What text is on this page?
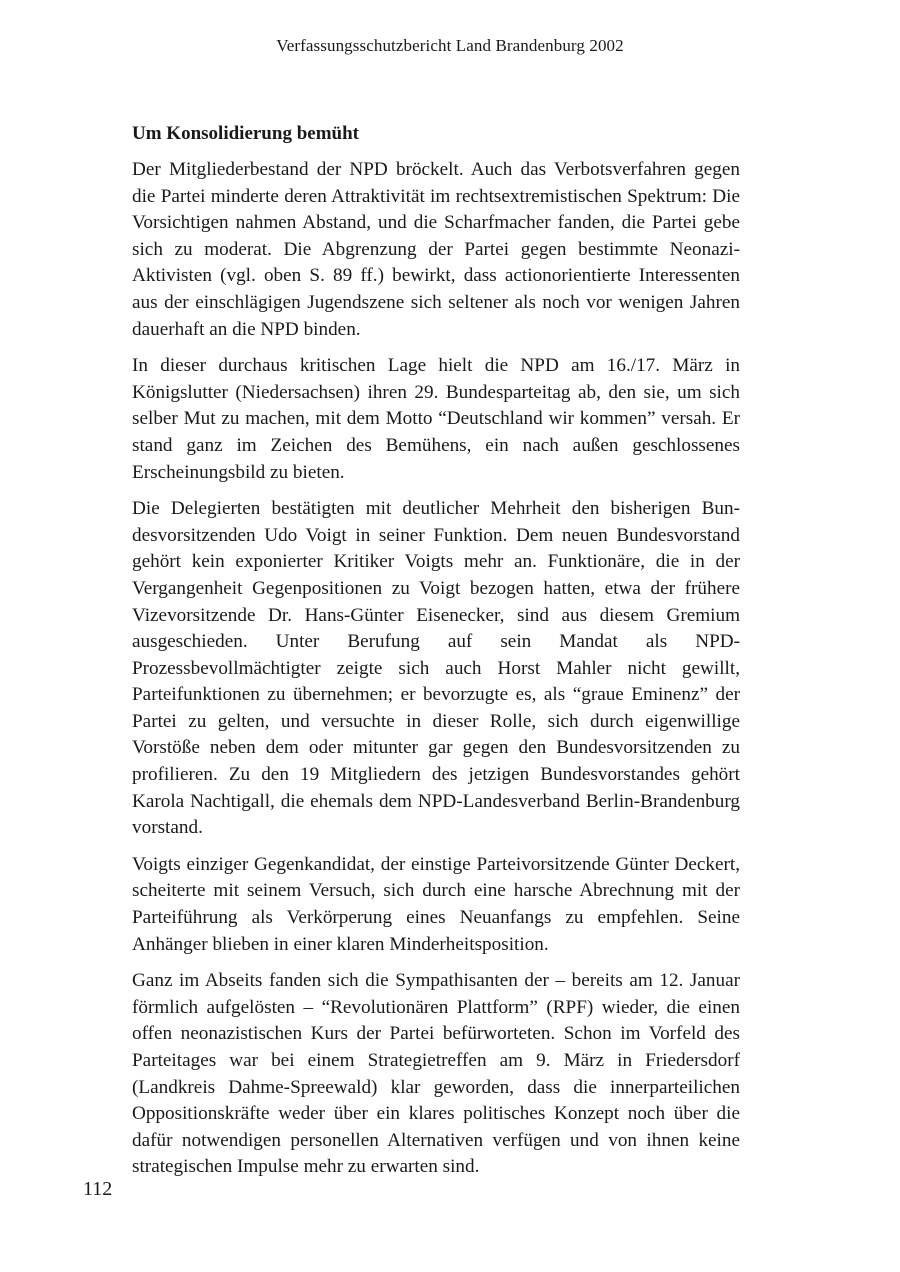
Verfassungsschutzbericht Land Brandenburg 2002
Um Konsolidierung bemüht

Der Mitgliederbestand der NPD bröckelt. Auch das Verbotsverfahren gegen die Partei minderte deren Attraktivität im rechtsextremistischen Spektrum: Die Vorsichtigen nahmen Abstand, und die Scharfmacher fanden, die Partei gebe sich zu moderat. Die Abgrenzung der Partei gegen bestimmte Neonazi-Aktivisten (vgl. oben S. 89 ff.) bewirkt, dass actionorientierte Interessenten aus der einschlägigen Jugendszene sich seltener als noch vor wenigen Jahren dauerhaft an die NPD binden.

In dieser durchaus kritischen Lage hielt die NPD am 16./17. März in Königslutter (Niedersachsen) ihren 29. Bundesparteitag ab, den sie, um sich selber Mut zu machen, mit dem Motto “Deutschland wir kommen” versah. Er stand ganz im Zeichen des Bemühens, ein nach außen geschlossenes Erscheinungsbild zu bieten.

Die Delegierten bestätigten mit deutlicher Mehrheit den bisherigen Bundesvorsitzenden Udo Voigt in seiner Funktion. Dem neuen Bundesvorstand gehört kein exponierter Kritiker Voigts mehr an. Funktionäre, die in der Vergangenheit Gegenpositionen zu Voigt bezogen hatten, etwa der frühere Vizevorsitzende Dr. Hans-Günter Eisenecker, sind aus diesem Gremium ausgeschieden. Unter Berufung auf sein Mandat als NPD-Prozessbevollmächtigter zeigte sich auch Horst Mahler nicht gewillt, Parteifunktionen zu übernehmen; er bevorzugte es, als “graue Eminenz” der Partei zu gelten, und versuchte in dieser Rolle, sich durch eigenwillige Vorstöße neben dem oder mitunter gar gegen den Bundesvorsitzenden zu profilieren. Zu den 19 Mitgliedern des jetzigen Bundesvorstandes gehört Karola Nachtigall, die ehemals dem NPD-Landesverband Berlin-Brandenburg vorstand.

Voigts einziger Gegenkandidat, der einstige Parteivorsitzende Günter Deckert, scheiterte mit seinem Versuch, sich durch eine harsche Abrechnung mit der Parteiführung als Verkörperung eines Neuanfangs zu empfehlen. Seine Anhänger blieben in einer klaren Minderheitsposition.

Ganz im Abseits fanden sich die Sympathisanten der – bereits am 12. Januar förmlich aufgelösten – “Revolutionären Plattform” (RPF) wieder, die einen offen neonazistischen Kurs der Partei befürworteten. Schon im Vorfeld des Parteitages war bei einem Strategietreffen am 9. März in Friedersdorf (Landkreis Dahme-Spreewald) klar geworden, dass die innerparteilichen Oppositionskräfte weder über ein klares politisches Konzept noch über die dafür notwendigen personellen Alternativen verfügen und von ihnen keine strategischen Impulse mehr zu erwarten sind.

112
